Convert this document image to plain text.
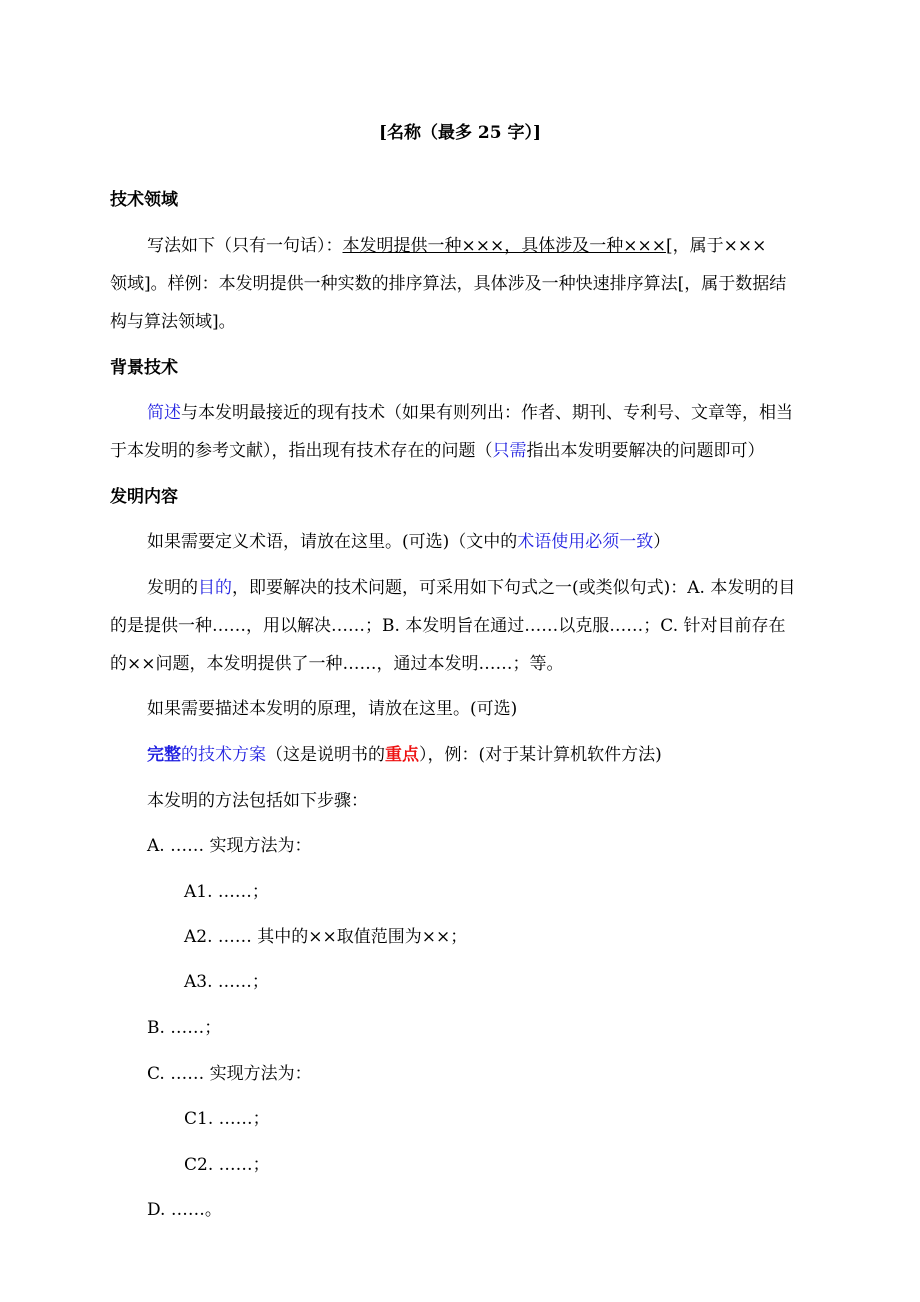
[名称（最多 25 字）]
技术领域
写法如下（只有一句话）：本发明提供一种×××，具体涉及一种×××[，属于×××
领域]。样例：本发明提供一种实数的排序算法，具体涉及一种快速排序算法[，属于数据结
构与算法领域]。
背景技术
简述与本发明最接近的现有技术（如果有则列出：作者、期刊、专利号、文章等，相当
于本发明的参考文献），指出现有技术存在的问题（只需指出本发明要解决的问题即可）
发明内容
如果需要定义术语，请放在这里。(可选)（文中的术语使用必须一致）
发明的目的，即要解决的技术问题，可采用如下句式之一(或类似句式)：A. 本发明的目
的是提供一种……，用以解决……；B. 本发明旨在通过……以克服……；C. 针对目前存在
的××问题，本发明提供了一种……，通过本发明……；等。
如果需要描述本发明的原理，请放在这里。(可选)
完整的技术方案（这是说明书的重点），例：(对于某计算机软件方法)
本发明的方法包括如下步骤：
A. …… 实现方法为：
A1. ……；
A2. …… 其中的××取值范围为××；
A3. ……；
B. ……；
C. …… 实现方法为：
C1. ……；
C2. ……；
D. ……。
